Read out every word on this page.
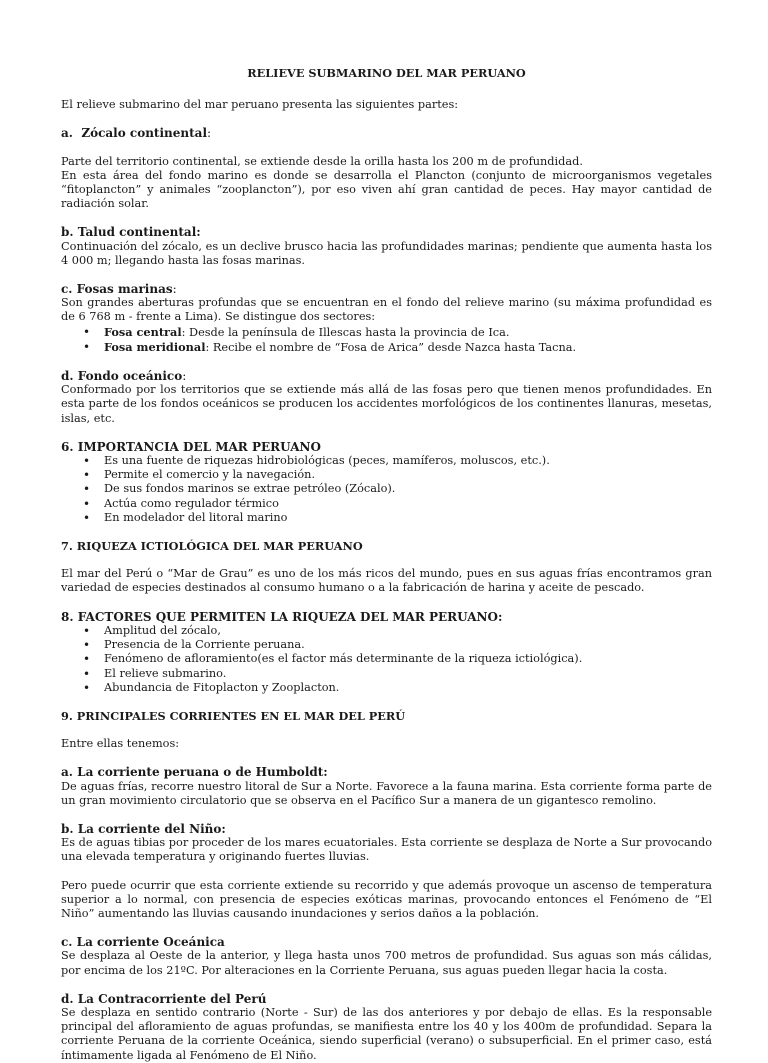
RELIEVE SUBMARINO DEL MAR PERUANO

El relieve submarino del mar peruano presenta las siguientes partes:

a. Zócalo continental:

Parte del territorio continental, se extiende desde la orilla hasta los 200 m de profundidad.

En esta área del fondo marino es donde se desarrolla el Plancton (conjunto de microorganismos vegetales “fitoplancton” y animales “zooplancton”), por eso viven ahí gran cantidad de peces. Hay mayor cantidad de radiación solar.

b. Talud continental:

Continuación del zócalo, es un declive brusco hacia las profundidades marinas; pendiente que aumenta hasta los 4 000 m; llegando hasta las fosas marinas.

c. Fosas marinas:

Son grandes aberturas profundas que se encuentran en el fondo del relieve marino (su máxima profundidad es de 6 768 m - frente a Lima). Se distingue dos sectores:

• Fosa central: Desde la península de Illescas hasta la provincia de Ica.
• Fosa meridional: Recibe el nombre de “Fosa de Arica” desde Nazca hasta Tacna.

d. Fondo oceánico:

Conformado por los territorios que se extiende más allá de las fosas pero que tienen menos profundidades. En esta parte de los fondos oceánicos se producen los accidentes morfológicos de los continentes llanuras, mesetas, islas, etc.

6. IMPORTANCIA DEL MAR PERUANO

• Es una fuente de riquezas hidrobiológicas (peces, mamíferos, moluscos, etc.).
• Permite el comercio y la navegación.
• De sus fondos marinos se extrae petróleo (Zócalo).
• Actúa como regulador térmico
• En modelador del litoral marino

7. RIQUEZA ICTIOLÓGICA DEL MAR PERUANO

El mar del Perú o “Mar de Grau” es uno de los más ricos del mundo, pues en sus aguas frías encontramos gran variedad de especies destinados al consumo humano o a la fabricación de harina y aceite de pescado.

8. FACTORES QUE PERMITEN LA RIQUEZA DEL MAR PERUANO:

• Amplitud del zócalo,
• Presencia de la Corriente peruana.
• Fenómeno de afloramiento(es el factor más determinante de la riqueza ictiológica).
• El relieve submarino.
• Abundancia de Fitoplacton y Zooplacton.

9. PRINCIPALES CORRIENTES EN EL MAR DEL PERÚ

Entre ellas tenemos:

a. La corriente peruana o de Humboldt:

De aguas frías, recorre nuestro litoral de Sur a Norte. Favorece a la fauna marina. Esta corriente forma parte de un gran movimiento circulatorio que se observa en el Pacífico Sur a manera de un gigantesco remolino.

b. La corriente del Niño:

Es de aguas tibias por proceder de los mares ecuatoriales. Esta corriente se desplaza de Norte a Sur provocando una elevada temperatura y originando fuertes lluvias.

Pero puede ocurrir que esta corriente extiende su recorrido y que además provoque un ascenso de temperatura superior a lo normal, con presencia de especies exóticas marinas, provocando entonces el Fenómeno de “El Niño” aumentando las lluvias causando inundaciones y serios daños a la población.

c. La corriente Oceánica

Se desplaza al Oeste de la anterior, y llega hasta unos 700 metros de profundidad. Sus aguas son más cálidas, por encima de los 21ºC. Por alteraciones en la Corriente Peruana, sus aguas pueden llegar hacia la costa.

d. La Contracorriente del Perú

Se desplaza en sentido contrario (Norte - Sur) de las dos anteriores y por debajo de ellas. Es la responsable principal del afloramiento de aguas profundas, se manifiesta entre los 40 y los 400m de profundidad. Separa la corriente Peruana de la corriente Oceánica, siendo superficial (verano) o subsuperficial. En el primer caso, está íntimamente ligada al Fenómeno de El Niño.
